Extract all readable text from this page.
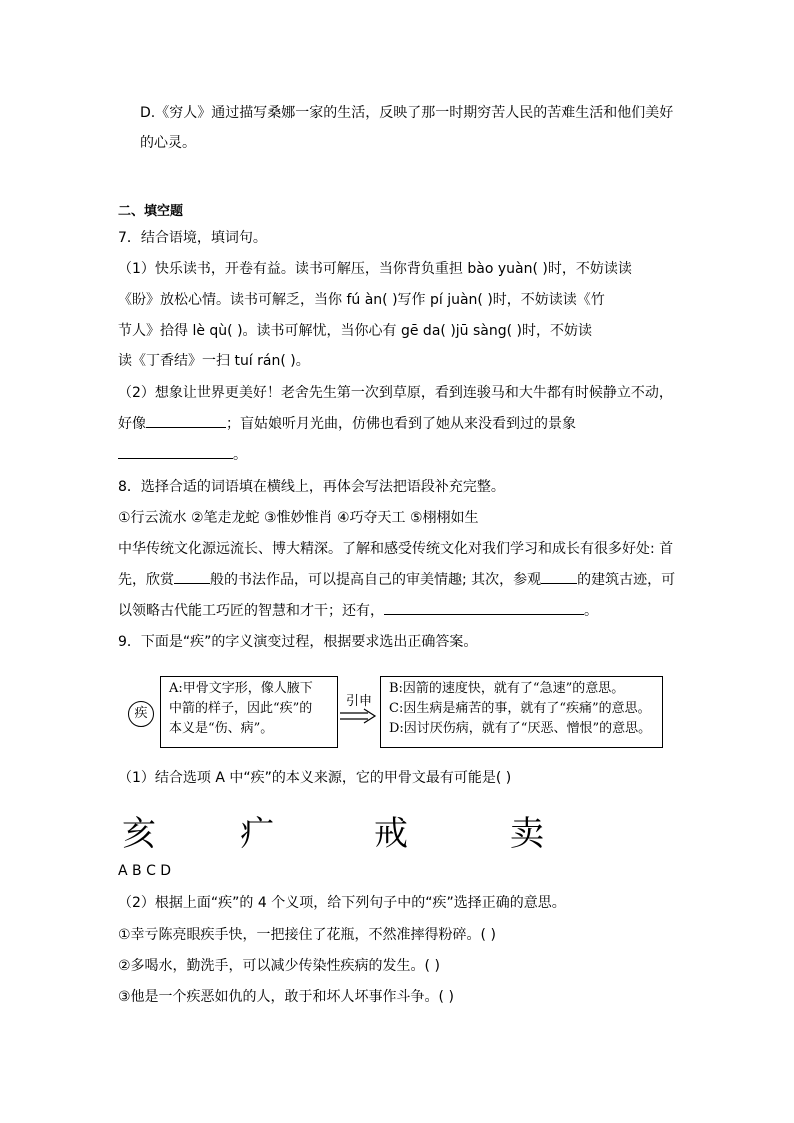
D.《穷人》通过描写桑娜一家的生活，反映了那一时期穷苦人民的苦难生活和他们美好
的心灵。
二、填空题
7．结合语境，填词句。
（1）快乐读书，开卷有益。读书可解压，当你背负重担 bào yuàn( )时，不妨读读
《盼》放松心情。读书可解乏，当你 fú àn( )写作 pí juàn( )时，不妨读读《竹
节人》拾得 lè qù( )。读书可解忧，当你心有 gē da( )jū sàng( )时，不妨读
读《丁香结》一扫 tuí rán( )。
（2）想象让世界更美好！老舍先生第一次到草原，看到连骏马和大牛都有时候静立不动，
好像	；盲姑娘听月光曲，仿佛也看到了她从来没看到过的景象
。
8．选择合适的词语填在横线上，再体会写法把语段补充完整。
①行云流水 ②笔走龙蛇 ③惟妙惟肖 ④巧夺天工 ⑤栩栩如生
中华传统文化源远流长、博大精深。了解和感受传统文化对我们学习和成长有很多好处: 首
先，欣赏	般的书法作品，可以提高自己的审美情趣; 其次，参观	的建筑古迹，可
以领略古代能工巧匠的智慧和才干；还有，	。
9．下面是“疾”的字义演变过程，根据要求选出正确答案。
疾
A:甲骨文字形，像人腋下
中箭的样子，因此“疾”的
本义是“伤、病”。
引申
B:因箭的速度快，就有了“急速”的意思。
C:因生病是痛苦的事，就有了“疾痛”的意思。
D:因讨厌伤病，就有了“厌恶、憎恨”的意思。
（1）结合选项 A 中“疾”的本义来源，它的甲骨文最有可能是( )
亥 疒	戒	卖
A B C D
（2）根据上面“疾”的 4 个义项，给下列句子中的“疾”选择正确的意思。
①幸亏陈亮眼疾手快，一把接住了花瓶，不然准摔得粉碎。( )
②多喝水，勤洗手，可以减少传染性疾病的发生。( )
③他是一个疾恶如仇的人，敢于和坏人坏事作斗争。( )
